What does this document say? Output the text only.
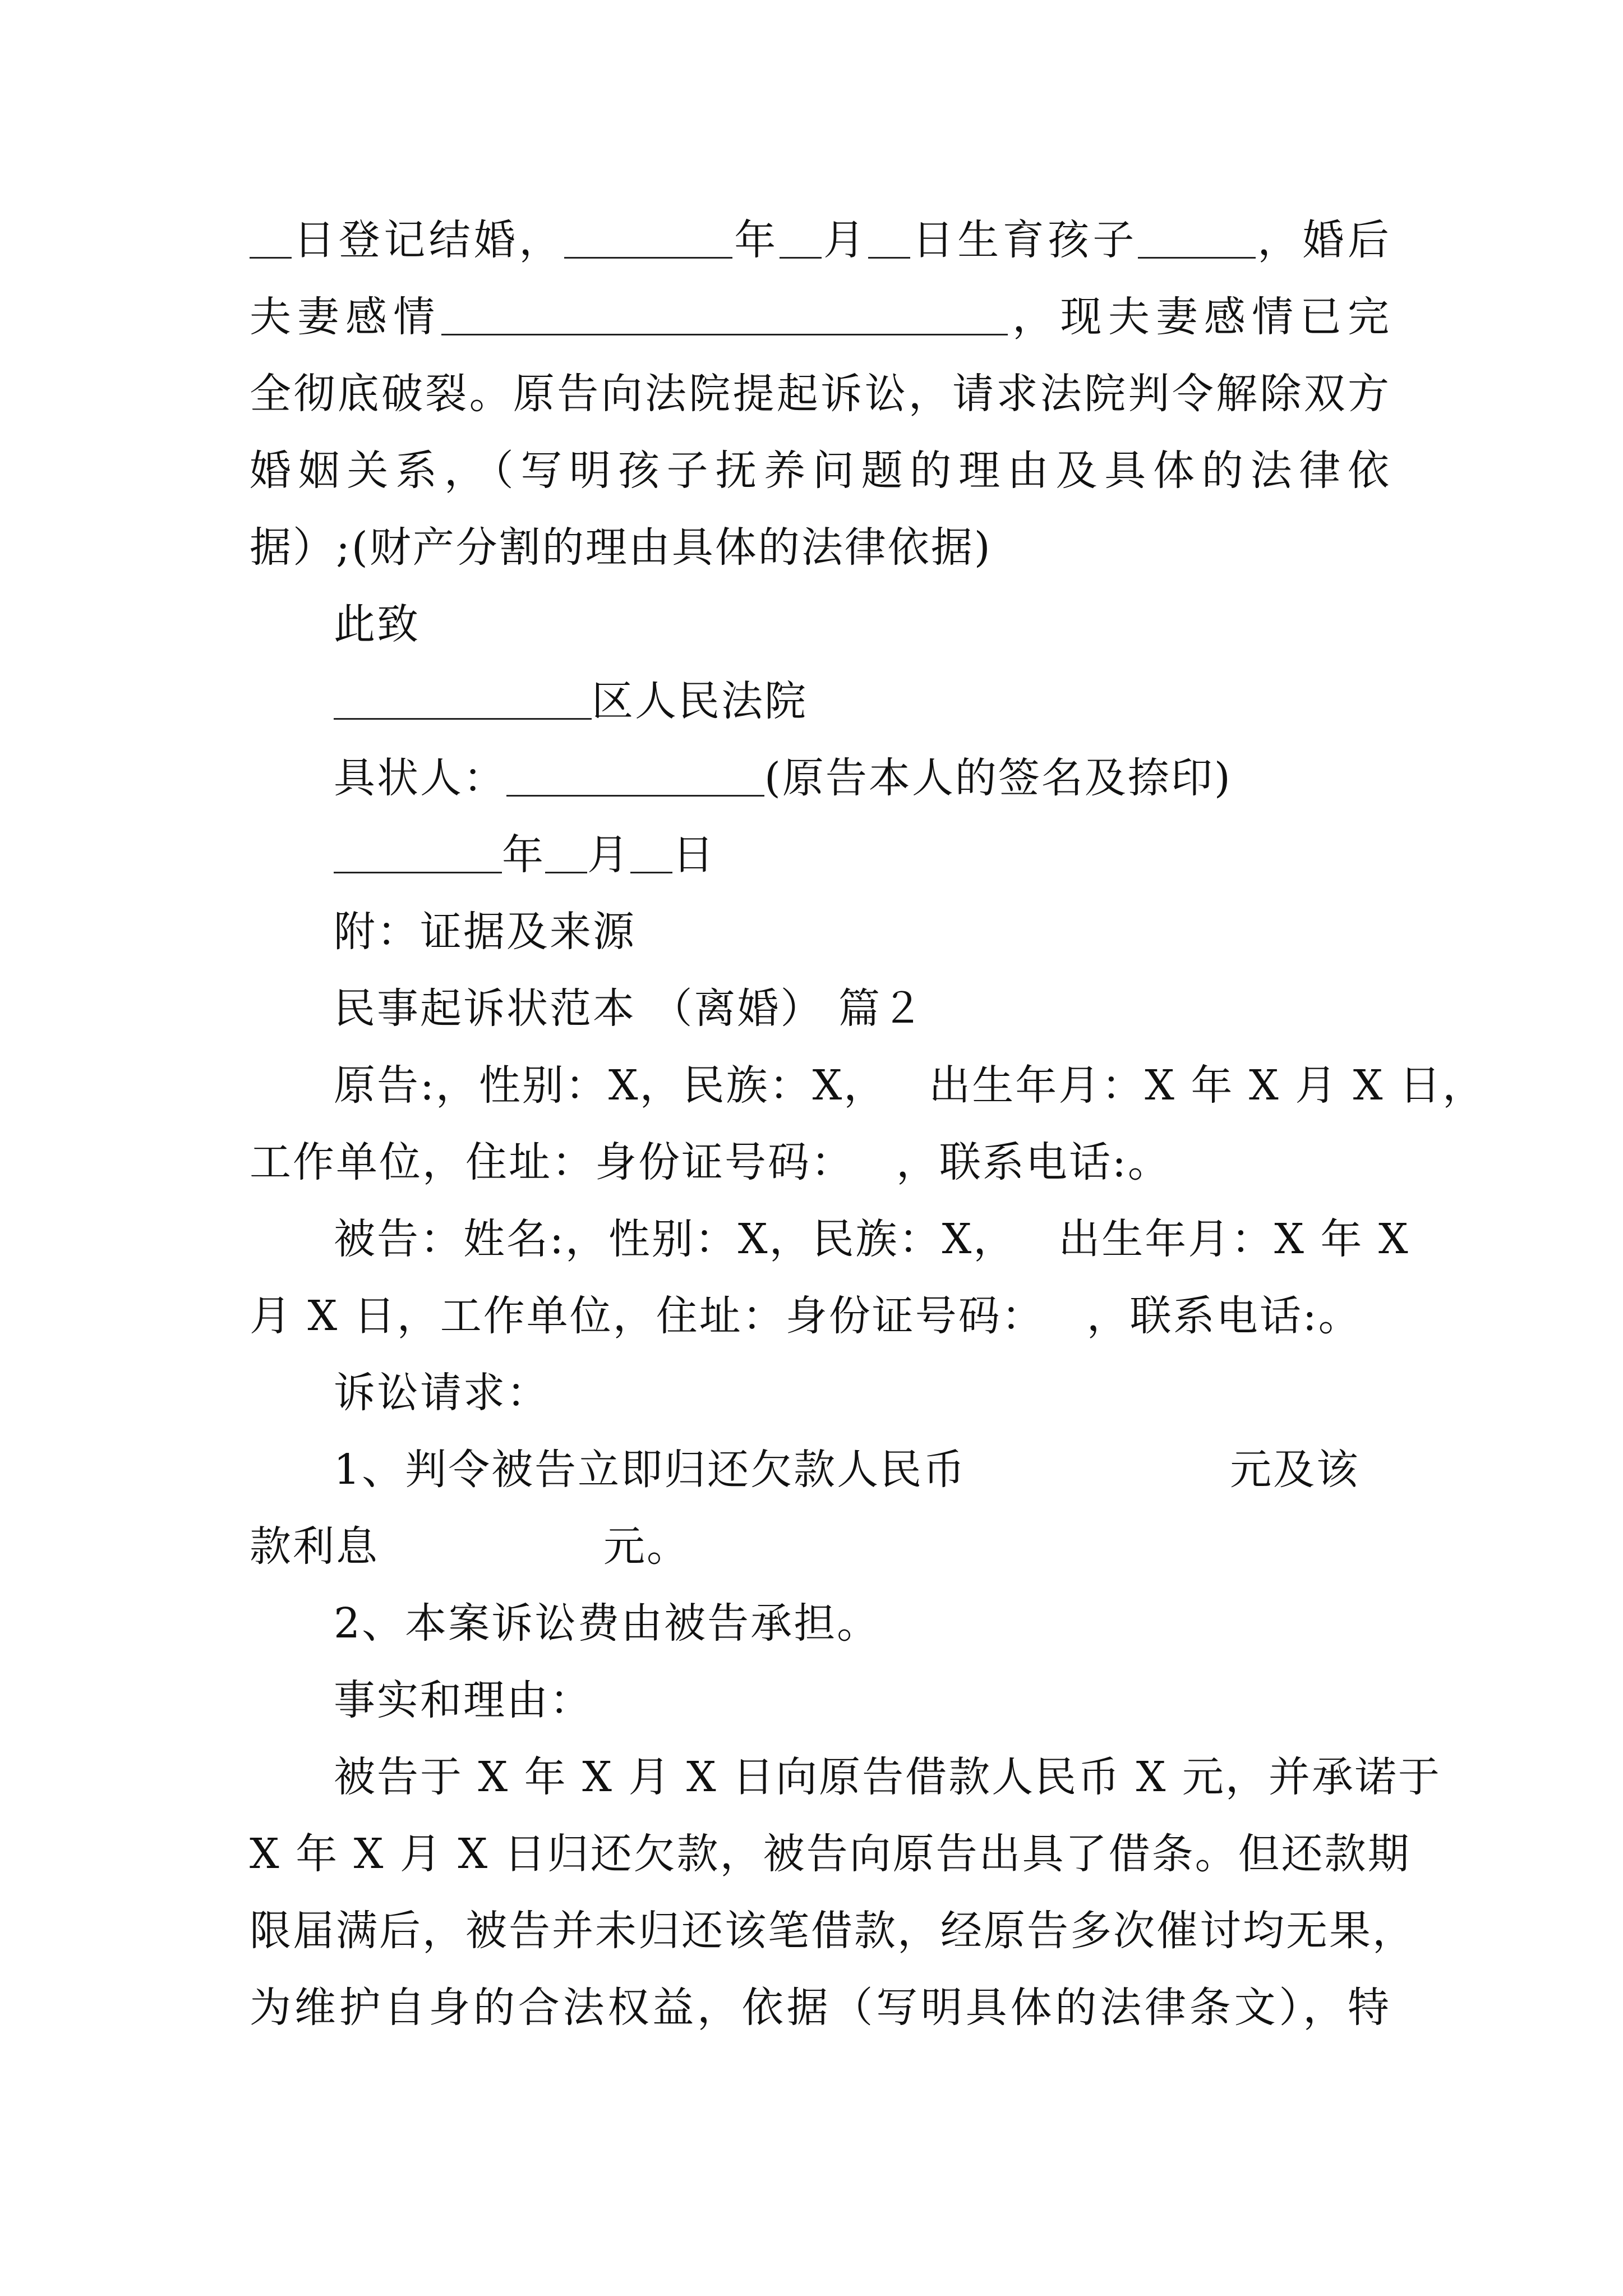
日登记结婚，	年 月 日生育孩子	，婚后
夫妻感情	，现夫妻感情已完
全彻底破裂。原告向法院提起诉讼，请求法院判令解除双方
婚姻关系，（写明孩子抚养问题的理由及具体的法律依
据）;(财产分割的理由具体的法律依据)
此致
区人民法院
具状人：	(原告本人的签名及捺印)
年 月 日
附：证据及来源
民事起诉状范本 （离婚） 篇２
原告:，性别：X，民族：X， 出生年月：X 年 X 月 X 日，
工作单位，住址：身份证号码： ，联系电话:。
被告：姓名:，性别：X，民族：X， 出生年月：X 年 X
月 X 日，工作单位，住址：身份证号码： ，联系电话:。
诉讼请求：
1、判令被告立即归还欠款人民币	元及该
款利息	元。
2、本案诉讼费由被告承担。
事实和理由：
被告于 X 年 X 月 X 日向原告借款人民币 X 元，并承诺于
X 年 X 月 X 日归还欠款，被告向原告出具了借条。但还款期
限届满后，被告并未归还该笔借款，经原告多次催讨均无果，
为维护自身的合法权益，依据（写明具体的法律条文），特
